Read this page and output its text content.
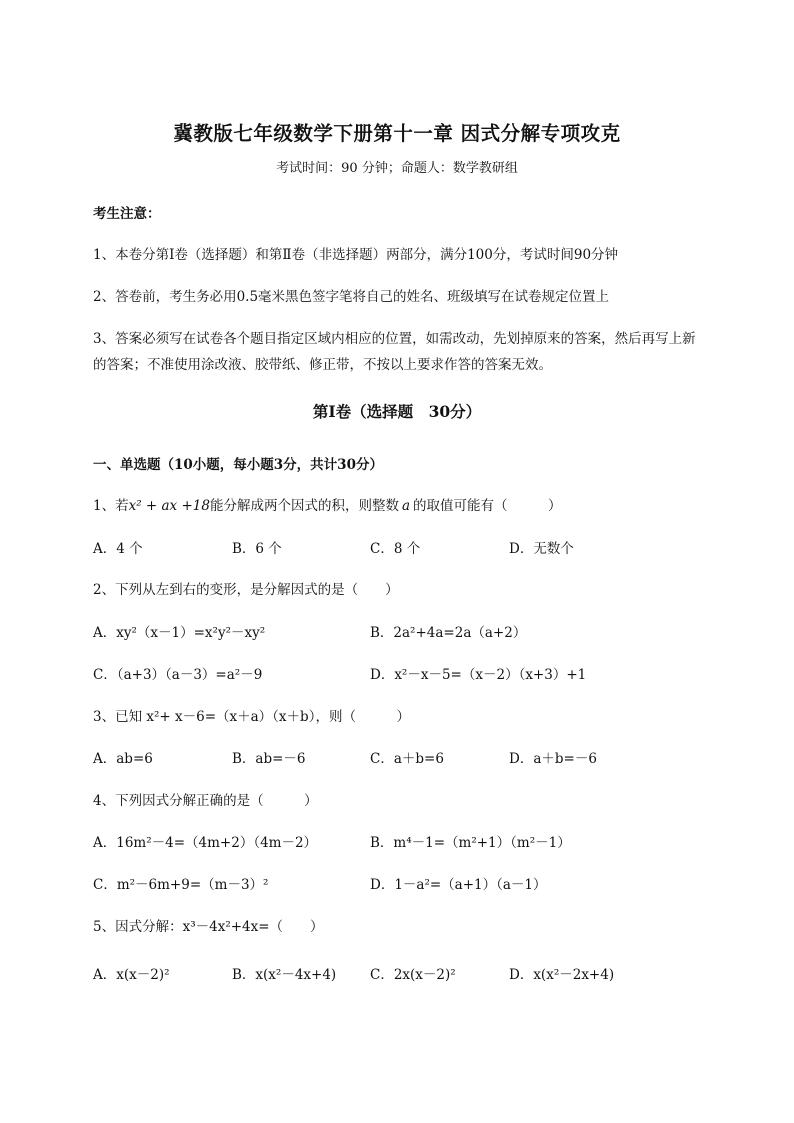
冀教版七年级数学下册第十一章 因式分解专项攻克
考试时间：90 分钟；命题人：数学教研组
考生注意：
1、本卷分第Ⅰ卷（选择题）和第Ⅱ卷（非选择题）两部分，满分100分，考试时间90分钟
2、答卷前，考生务必用0.5毫米黑色签字笔将自己的姓名、班级填写在试卷规定位置上
3、答案必须写在试卷各个题目指定区域内相应的位置，如需改动，先划掉原来的答案，然后再写上新
的答案；不准使用涂改液、胶带纸、修正带，不按以上要求作答的答案无效。
第Ⅰ卷（选择题　30分）
一、单选题（10小题，每小题3分，共计30分）
1、若x² + ax +18能分解成两个因式的积，则整数 a 的取值可能有（　　　）
A．4 个	B．6 个	C．8 个	D．无数个
2、下列从左到右的变形，是分解因式的是（　　）
A．xy²（x－1）=x²y²－xy²	B．2a²+4a=2a（a+2）
C．（a+3）（a－3）=a²－9	D．x²－x－5=（x－2）（x+3）+1
3、已知 x²+ x－6=（x＋a）（x＋b），则（　　　）
A．ab=6	B．ab=－6	C．a＋b=6	D．a＋b=－6
4、下列因式分解正确的是（　　　）
A．16m²－4=（4m+2）（4m－2）	B．m⁴－1=（m²+1）（m²－1）
C．m²－6m+9=（m－3）²	D．1－a²=（a+1）（a－1）
5、因式分解：x³－4x²+4x=（　　）
A．x(x－2)²	B．x(x²－4x+4)	C．2x(x－2)²	D．x(x²－2x+4)
